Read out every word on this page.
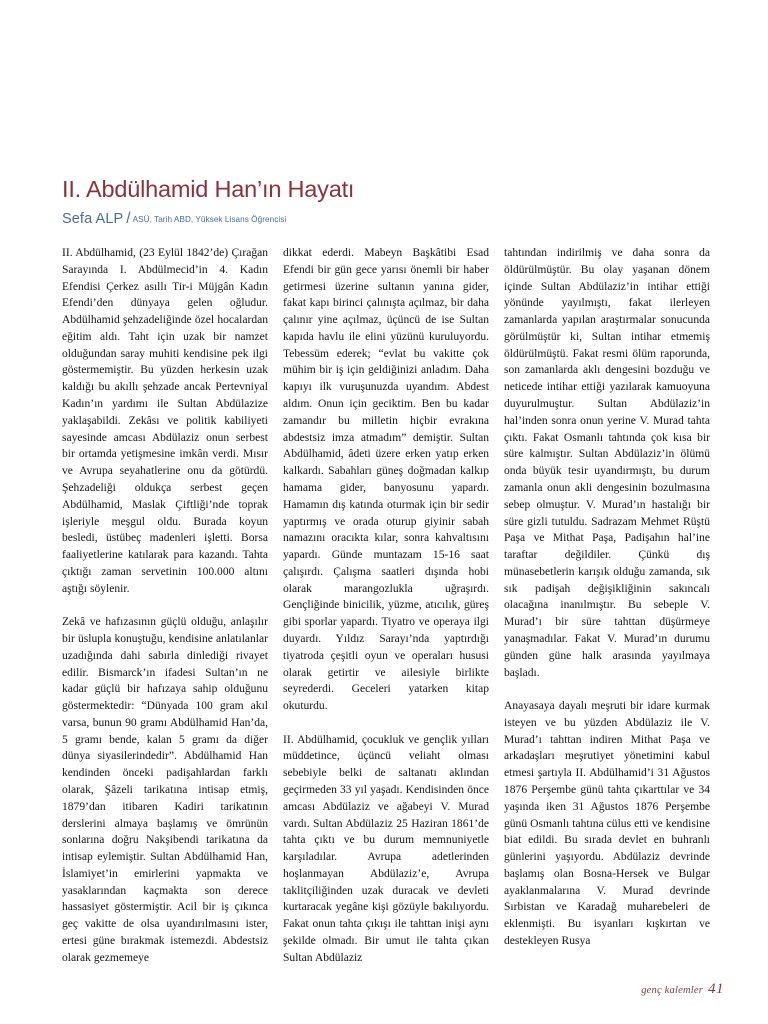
II. Abdülhamid Han’ın Hayatı
Sefa ALP / ASÜ, Tarih ABD, Yüksek Lisans Öğrencisi

II. Abdülhamid, (23 Eylül 1842’de) Çırağan Sarayında I. Abdülmecid’in 4. Kadın Efendisi Çerkez asıllı Tir-i Müjgân Kadın Efendi’den dünyaya gelen oğludur. Abdülhamid şehzadeliğinde özel hocalardan eğitim aldı. Taht için uzak bir namzet olduğundan saray muhiti kendisine pek ilgi göstermemiştir. Bu yüzden herkesin uzak kaldığı bu akıllı şehzade ancak Pertevniyal Kadın’ın yardımı ile Sultan Abdülazize yaklaşabildi. Zekâsı ve politik kabiliyeti sayesinde amcası Abdülaziz onun serbest bir ortamda yetişmesine imkân verdi. Mısır ve Avrupa seyahatlerine onu da götürdü. Şehzadeliği oldukça serbest geçen Abdülhamid, Maslak Çiftliği’nde toprak işleriyle meşgul oldu. Burada koyun besledi, üstübeç madenleri işletti. Borsa faaliyetlerine katılarak para kazandı. Tahta çıktığı zaman servetinin 100.000 altını aştığı söylenir.

Zekâ ve hafızasının güçlü olduğu, anlaşılır bir üslupla konuştuğu, kendisine anlatılanlar uzadığında dahi sabırla dinlediği rivayet edilir. Bismarck’ın ifadesi Sultan’ın ne kadar güçlü bir hafızaya sahip olduğunu göstermektedir: “Dünyada 100 gram akıl varsa, bunun 90 gramı Abdülhamid Han’da, 5 gramı bende, kalan 5 gramı da diğer dünya siyasilerindedir”. Abdülhamid Han kendinden önceki padişahlardan farklı olarak, Şâzeli tarikatına intisap etmiş, 1879’dan itibaren Kadiri tarikatının derslerini almaya başlamış ve ömrünün sonlarına doğru Nakşibendi tarikatına da intisap eylemiştir. Sultan Abdülhamid Han, İslamiyet’in emirlerini yapmakta ve yasaklarından kaçmakta son derece hassasiyet göstermiştir. Acil bir iş çıkınca geç vakitte de olsa uyandırılmasını ister, ertesi güne bırakmak istemezdi. Abdestsiz olarak gezmemeye

dikkat ederdi. Mabeyn Başkâtibi Esad Efendi bir gün gece yarısı önemli bir haber getirmesi üzerine sultanın yanına gider, fakat kapı birinci çalınışta açılmaz, bir daha çalınır yine açılmaz, üçüncü de ise Sultan kapıda havlu ile elini yüzünü kuruluyordu. Tebessüm ederek; “evlat bu vakitte çok mühim bir iş için geldiğinizi anladım. Daha kapıyı ilk vuruşunuzda uyandım. Abdest aldım. Onun için geciktim. Ben bu kadar zamandır bu milletin hiçbir evrakına abdestsiz imza atmadım” demiştir. Sultan Abdülhamid, âdeti üzere erken yatıp erken kalkardı. Sabahları güneş doğmadan kalkıp hamama gider, banyosunu yapardı. Hamamın dış katında oturmak için bir sedir yaptırmış ve orada oturup giyinir sabah namazını oracıkta kılar, sonra kahvaltısını yapardı. Günde muntazam 15-16 saat çalışırdı. Çalışma saatleri dışında hobi olarak marangozlukla uğraşırdı. Gençliğinde binicilik, yüzme, atıcılık, güreş gibi sporlar yapardı. Tiyatro ve operaya ilgi duyardı. Yıldız Sarayı’nda yaptırdığı tiyatroda çeşitli oyun ve operaları hususi olarak getirtir ve ailesiyle birlikte seyrederdi. Geceleri yatarken kitap okuturdu.

II. Abdülhamid, çocukluk ve gençlik yılları müddetince, üçüncü veliaht olması sebebiyle belki de saltanatı aklından geçirmeden 33 yıl yaşadı. Kendisinden önce amcası Abdülaziz ve ağabeyi V. Murad vardı. Sultan Abdülaziz 25 Haziran 1861’de tahta çıktı ve bu durum memnuniyetle karşıladılar. Avrupa adetlerinden hoşlanmayan Abdülaziz’e, Avrupa taklitçiliğinden uzak duracak ve devleti kurtaracak yegâne kişi gözüyle bakılıyordu. Fakat onun tahta çıkışı ile tahttan inişi aynı şekilde olmadı. Bir umut ile tahta çıkan Sultan Abdülaziz

tahtından indirilmiş ve daha sonra da öldürülmüştür. Bu olay yaşanan dönem içinde Sultan Abdülaziz’in intihar ettiği yönünde yayılmıştı, fakat ilerleyen zamanlarda yapılan araştırmalar sonucunda görülmüştür ki, Sultan intihar etmemiş öldürülmüştü. Fakat resmi ölüm raporunda, son zamanlarda aklı dengesini bozduğu ve neticede intihar ettiği yazılarak kamuoyuna duyurulmuştur. Sultan Abdülaziz’in hal’inden sonra onun yerine V. Murad tahta çıktı. Fakat Osmanlı tahtında çok kısa bir süre kalmıştır. Sultan Abdülaziz’in ölümü onda büyük tesir uyandırmıştı, bu durum zamanla onun akli dengesinin bozulmasına sebep olmuştur. V. Murad’ın hastalığı bir süre gizli tutuldu. Sadrazam Mehmet Rüştü Paşa ve Mithat Paşa, Padişahın hal’ine taraftar değildiler. Çünkü dış münasebetlerin karışık olduğu zamanda, sık sık padişah değişikliğinin sakıncalı olacağına inanılmıştır. Bu sebeple V. Murad’ı bir süre tahttan düşürmeye yanaşmadılar. Fakat V. Murad’ın durumu günden güne halk arasında yayılmaya başladı.

Anayasaya dayalı meşruti bir idare kurmak isteyen ve bu yüzden Abdülaziz ile V. Murad’ı tahttan indiren Mithat Paşa ve arkadaşları meşrutiyet yönetimini kabul etmesi şartıyla II. Abdülhamid’i 31 Ağustos 1876 Perşembe günü tahta çıkarttılar ve 34 yaşında iken 31 Ağustos 1876 Perşembe günü Osmanlı tahtına cülus etti ve kendisine biat edildi. Bu sırada devlet en buhranlı günlerini yaşıyordu. Abdülaziz devrinde başlamış olan Bosna-Hersek ve Bulgar ayaklanmalarına V. Murad devrinde Sırbistan ve Karadağ muharebeleri de eklenmişti. Bu isyanları kışkırtan ve destekleyen Rusya

genç kalemler 41
